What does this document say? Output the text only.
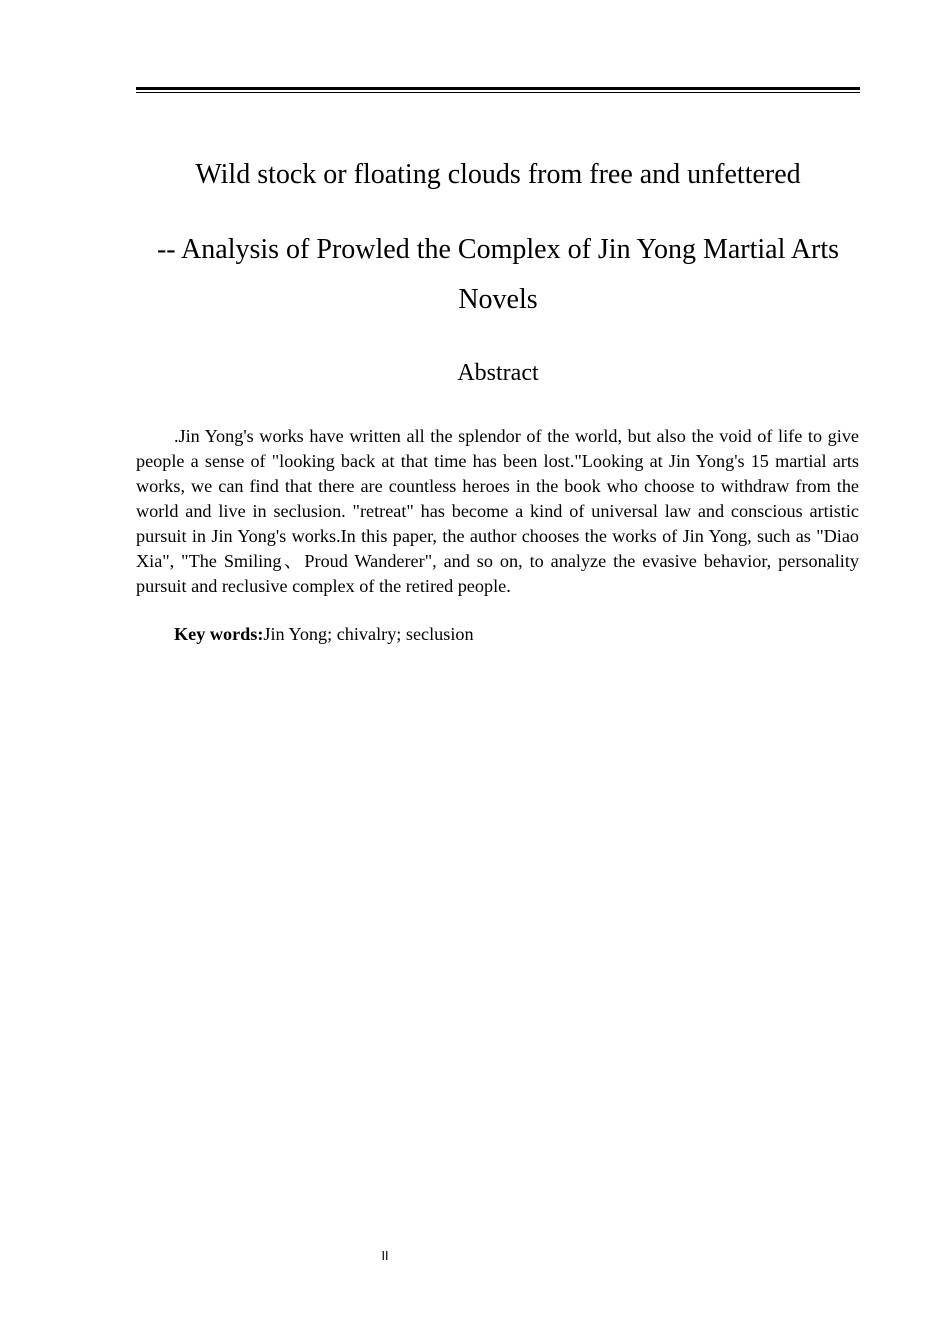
Wild stock or floating clouds from free and unfettered
-- Analysis of Prowled the Complex of Jin Yong Martial Arts Novels
Abstract

.Jin Yong's works have written all the splendor of the world, but also the void of life to give people a sense of "looking back at that time has been lost."Looking at Jin Yong's 15 martial arts works, we can find that there are countless heroes in the book who choose to withdraw from the world and live in seclusion. "retreat" has become a kind of universal law and conscious artistic pursuit in Jin Yong's works.In this paper, the author chooses the works of Jin Yong, such as "Diao Xia", "The Smiling、Proud Wanderer", and so on, to analyze the evasive behavior, personality pursuit and reclusive complex of the retired people.

Key words:Jin Yong; chivalry; seclusion
II
